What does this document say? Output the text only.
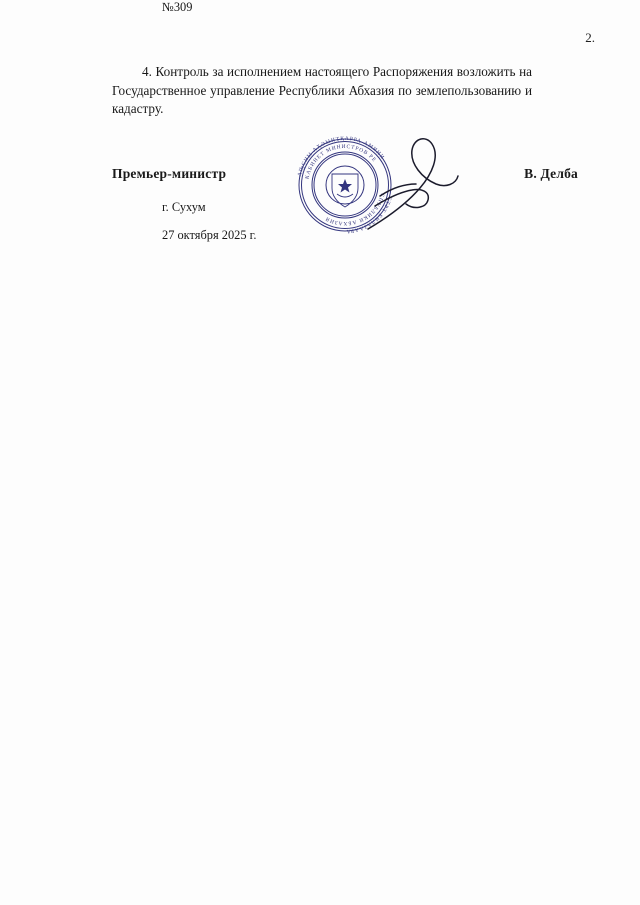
2.
4. Контроль за исполнением настоящего Распоряжения возложить на Государственное управление Республики Абхазия по землепользованию и кадастру.
Премьер-министр	В. Делба
г. Сухум
27 октября 2025 г.
№309
АҦСНЫ АҲӘЫНҬҚАРРА АМИНИ
СТРТ ЕИЛАЗААРА
КАБИНЕТ МИНИСТРОВ РЕ
СПУБЛИКИ АБХАЗИЯ
